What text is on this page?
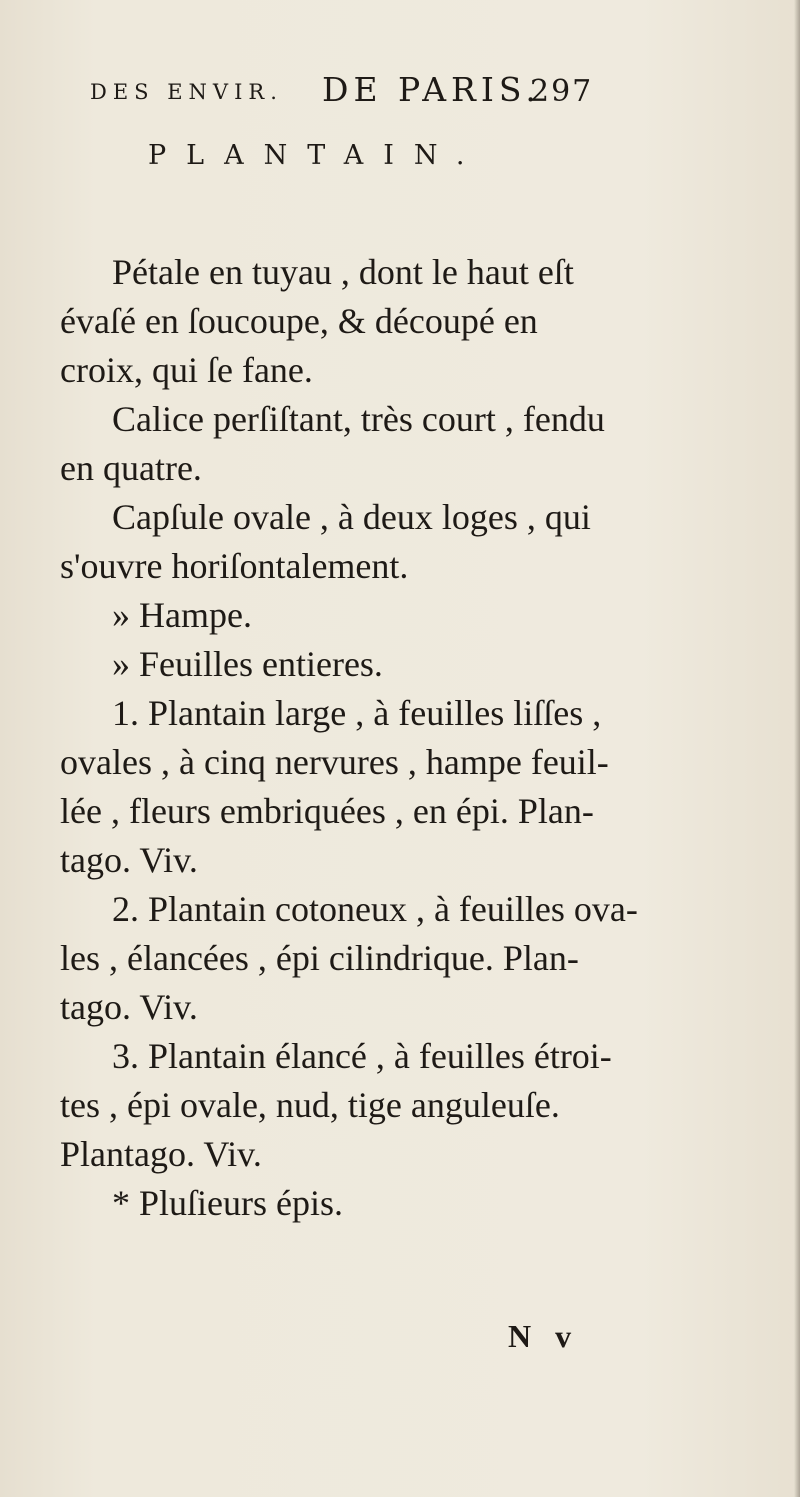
DES ENVIR. DE PARIS.
297
PLANTAIN.
Pétale en tuyau , dont le haut eſt
évaſé en ſoucoupe, & découpé en
croix, qui ſe fane.
Calice perſiſtant, très court , fendu
en quatre.
Capſule ovale , à deux loges , qui
s'ouvre horiſontalement.
» Hampe.
» Feuilles entieres.
1. Plantain large , à feuilles liſſes ,
ovales , à cinq nervures , hampe feuil-
lée , fleurs embriquées , en épi. Plan-
tago. Viv.
2. Plantain cotoneux , à feuilles ova-
les , élancées , épi cilindrique. Plan-
tago. Viv.
3. Plantain élancé , à feuilles étroi-
tes , épi ovale, nud, tige anguleuſe.
Plantago. Viv.
* Pluſieurs épis.
N v
